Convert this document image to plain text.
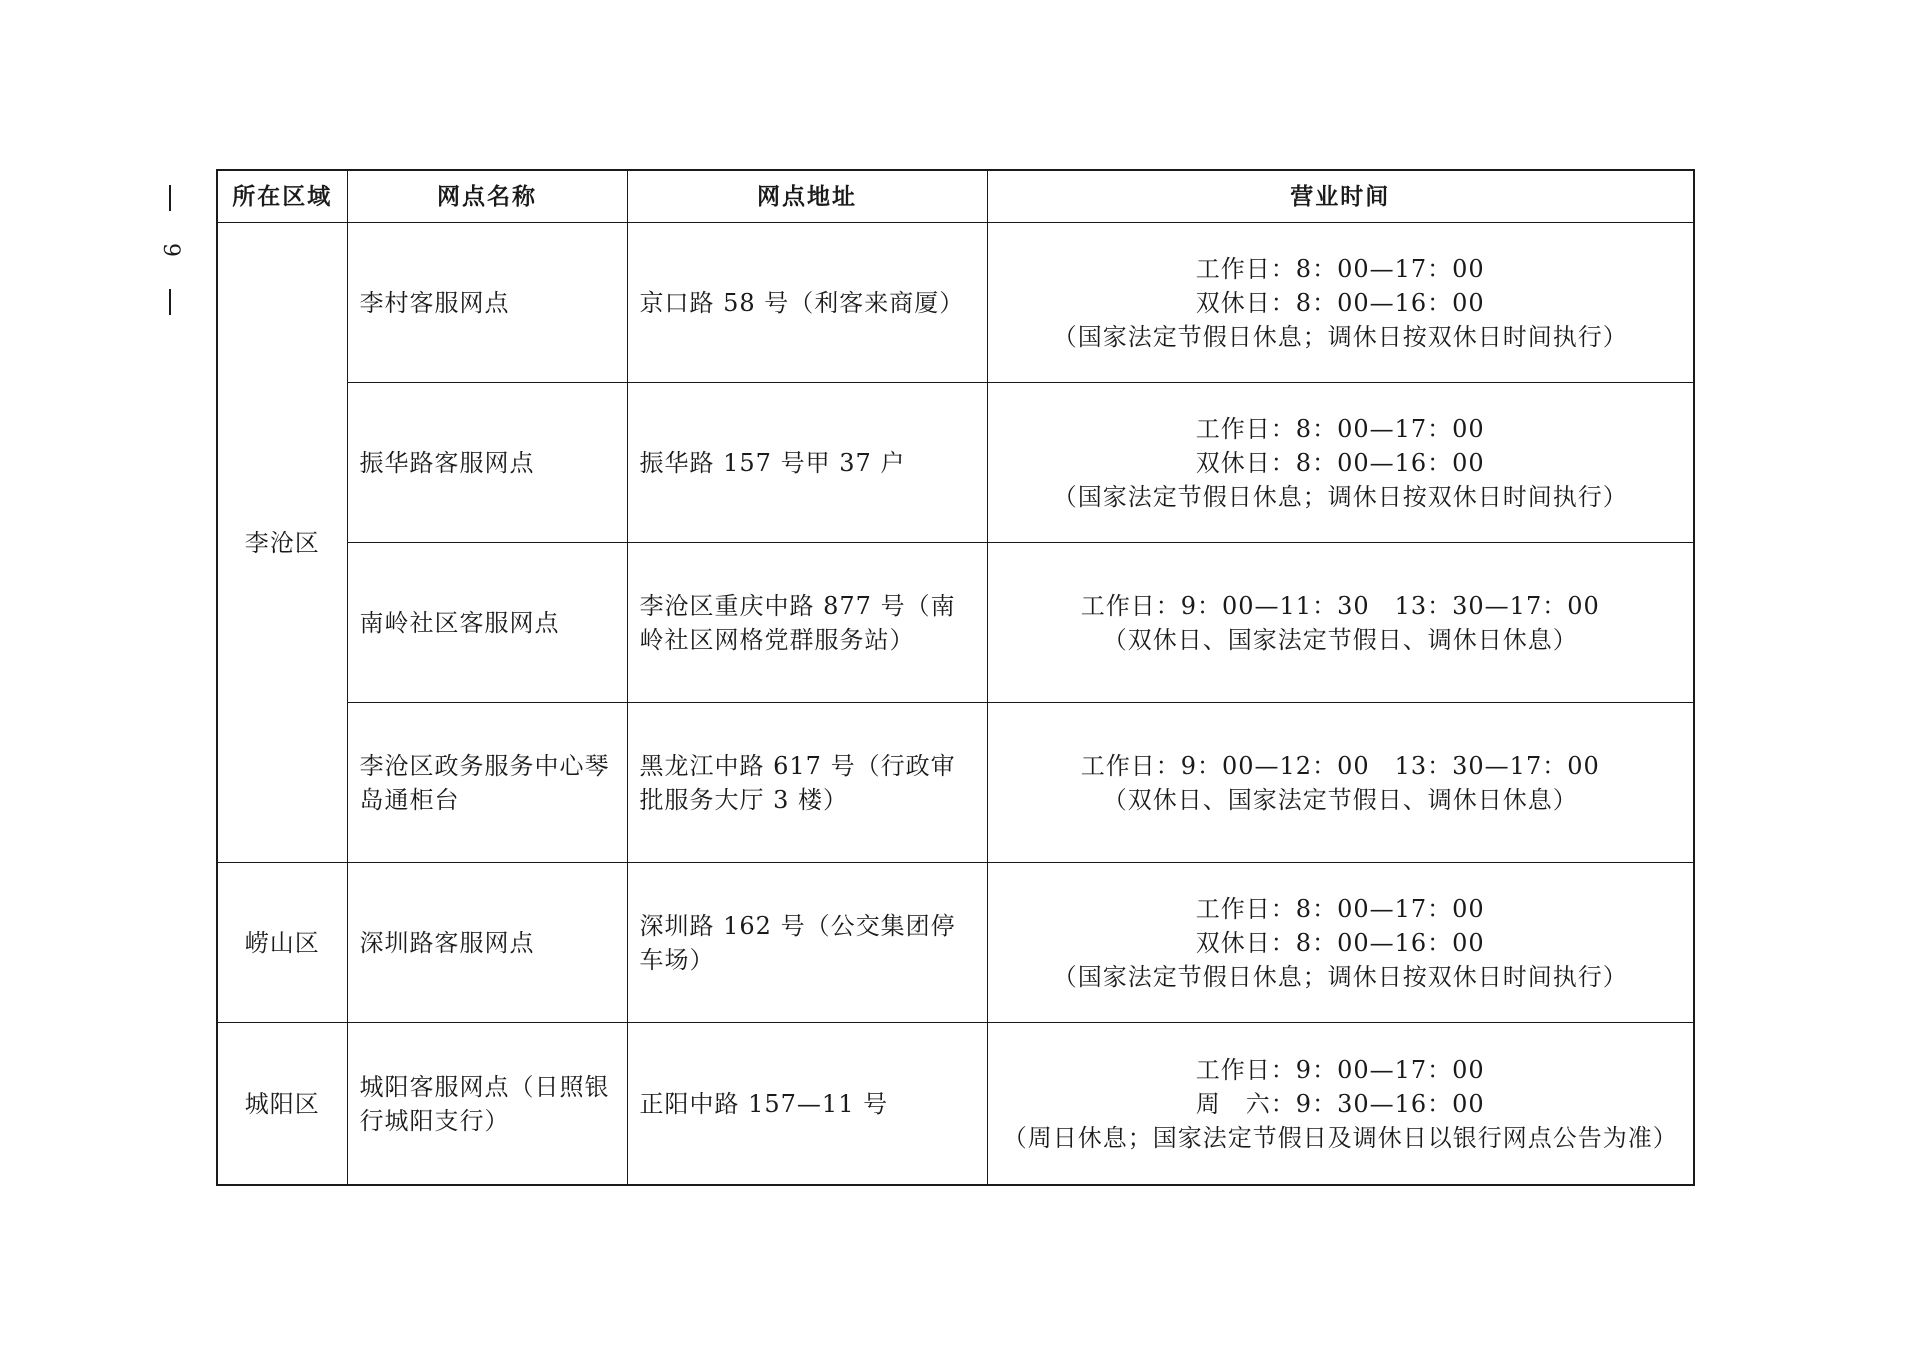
9
所在区域	网点名称	网点地址	营业时间
李沧区	李村客服网点	京口路 58 号（利客来商厦）	工作日：8：00—17：00
双休日：8：00—16：00
（国家法定节假日休息；调休日按双休日时间执行）

	振华路客服网点	振华路 157 号甲 37 户	工作日：8：00—17：00
双休日：8：00—16：00
（国家法定节假日休息；调休日按双休日时间执行）

	南岭社区客服网点	李沧区重庆中路 877 号（南岭社区网格党群服务站）	工作日：9：00—11：30　13：30—17：00
（双休日、国家法定节假日、调休日休息）

	李沧区政务服务中心琴岛通柜台	黑龙江中路 617 号（行政审批服务大厅 3 楼）	工作日：9：00—12：00　13：30—17：00
（双休日、国家法定节假日、调休日休息）

崂山区	深圳路客服网点	深圳路 162 号（公交集团停车场）	工作日：8：00—17：00
双休日：8：00—16：00
（国家法定节假日休息；调休日按双休日时间执行）

城阳区	城阳客服网点（日照银行城阳支行）	正阳中路 157—11 号	工作日：9：00—17：00
周　六：9：30—16：00
（周日休息；国家法定节假日及调休日以银行网点公告为准）
